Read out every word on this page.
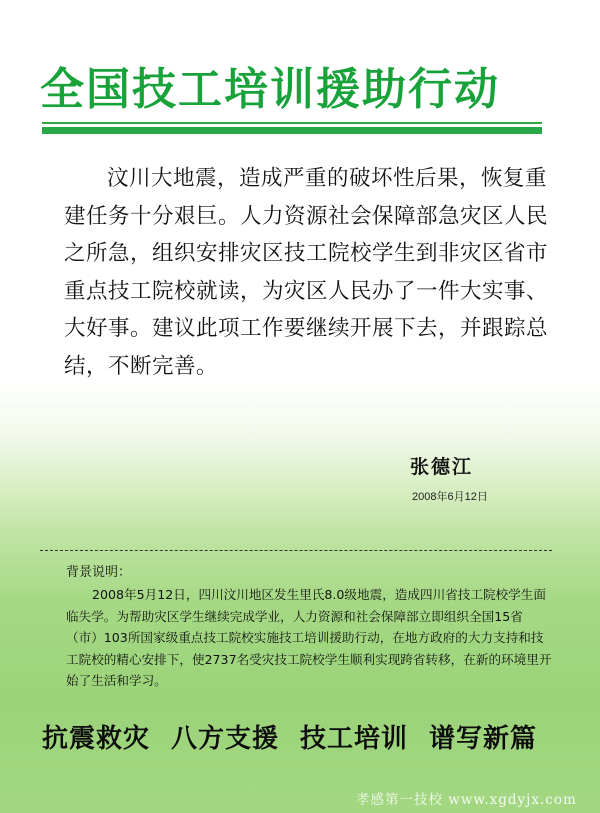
全国技工培训援助行动
汶川大地震，造成严重的破坏性后果，恢复重建任务十分艰巨。人力资源社会保障部急灾区人民之所急，组织安排灾区技工院校学生到非灾区省市重点技工院校就读，为灾区人民办了一件大实事、大好事。建议此项工作要继续开展下去，并跟踪总结，不断完善。
张德江
2008年6月12日
背景说明：
2008年5月12日，四川汶川地区发生里氏8.0级地震，造成四川省技工院校学生面临失学。为帮助灾区学生继续完成学业，人力资源和社会保障部立即组织全国15省（市）103所国家级重点技工院校实施技工培训援助行动，在地方政府的大力支持和技工院校的精心安排下，使2737名受灾技工院校学生顺利实现跨省转移，在新的环境里开始了生活和学习。
抗震救灾 八方支援 技工培训 谱写新篇
孝感第一技校 www.xgdyjx.com
